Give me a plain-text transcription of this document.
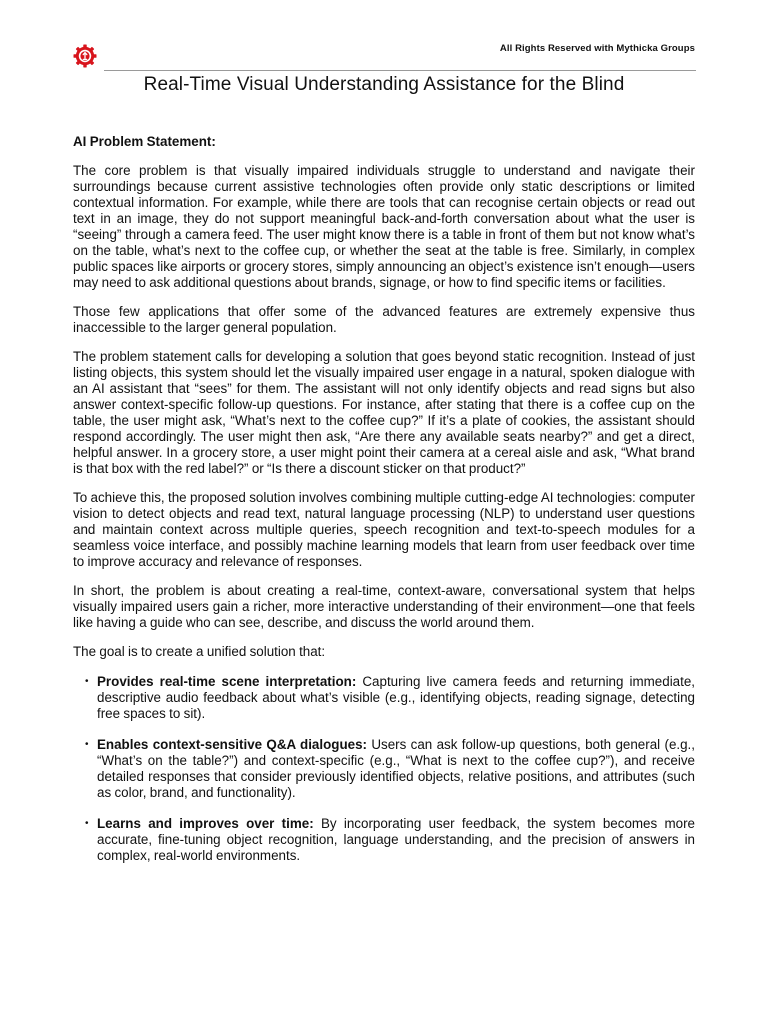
All Rights Reserved with Mythicka Groups
Real-Time Visual Understanding Assistance for the Blind
AI Problem Statement:

The core problem is that visually impaired individuals struggle to understand and navigate their surroundings because current assistive technologies often provide only static descriptions or limited contextual information. For example, while there are tools that can recognise certain objects or read out text in an image, they do not support meaningful back-and-forth conversation about what the user is “seeing” through a camera feed. The user might know there is a table in front of them but not know what’s on the table, what’s next to the coffee cup, or whether the seat at the table is free. Similarly, in complex public spaces like airports or grocery stores, simply announcing an object’s existence isn’t enough—users may need to ask additional questions about brands, signage, or how to find specific items or facilities.

Those few applications that offer some of the advanced features are extremely expensive thus inaccessible to the larger general population.

The problem statement calls for developing a solution that goes beyond static recognition. Instead of just listing objects, this system should let the visually impaired user engage in a natural, spoken dialogue with an AI assistant that “sees” for them. The assistant will not only identify objects and read signs but also answer context-specific follow-up questions. For instance, after stating that there is a coffee cup on the table, the user might ask, “What’s next to the coffee cup?” If it’s a plate of cookies, the assistant should respond accordingly. The user might then ask, “Are there any available seats nearby?” and get a direct, helpful answer. In a grocery store, a user might point their camera at a cereal aisle and ask, “What brand is that box with the red label?” or “Is there a discount sticker on that product?”

To achieve this, the proposed solution involves combining multiple cutting-edge AI technologies: computer vision to detect objects and read text, natural language processing (NLP) to understand user questions and maintain context across multiple queries, speech recognition and text-to-speech modules for a seamless voice interface, and possibly machine learning models that learn from user feedback over time to improve accuracy and relevance of responses.

In short, the problem is about creating a real-time, context-aware, conversational system that helps visually impaired users gain a richer, more interactive understanding of their environment—one that feels like having a guide who can see, describe, and discuss the world around them.

The goal is to create a unified solution that:

• Provides real-time scene interpretation: Capturing live camera feeds and returning immediate, descriptive audio feedback about what’s visible (e.g., identifying objects, reading signage, detecting free spaces to sit).
• Enables context-sensitive Q&A dialogues: Users can ask follow-up questions, both general (e.g., “What’s on the table?”) and context-specific (e.g., “What is next to the coffee cup?”), and receive detailed responses that consider previously identified objects, relative positions, and attributes (such as color, brand, and functionality).
• Learns and improves over time: By incorporating user feedback, the system becomes more accurate, fine-tuning object recognition, language understanding, and the precision of answers in complex, real-world environments.
